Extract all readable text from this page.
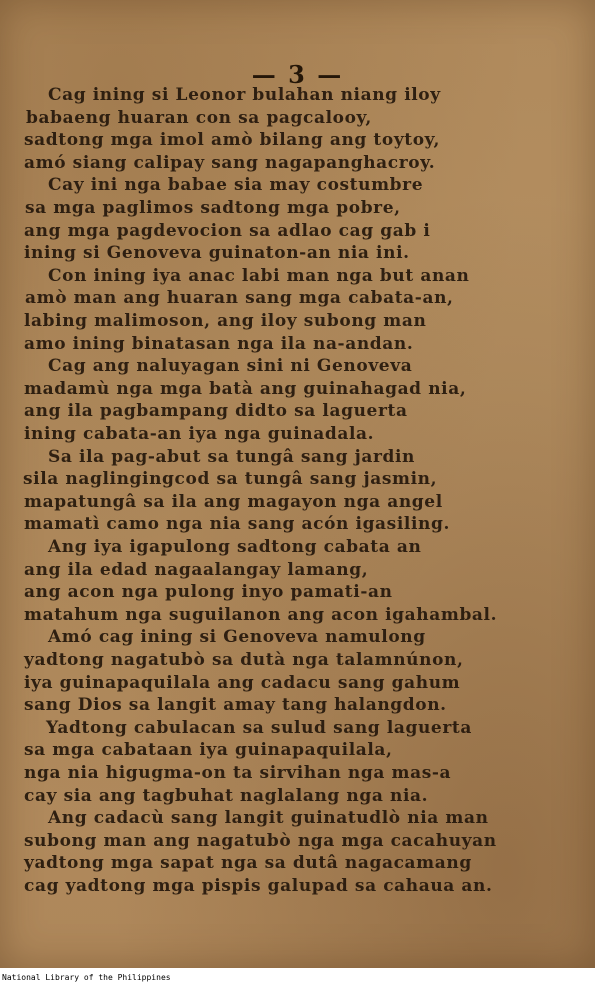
— 3 —
Cag ining si Leonor bulahan niang iloy
babaeng huaran con sa pagcalooy,
sadtong mga imol amò bilang ang toytoy,
amó siang calipay sang nagapanghacroy.
Cay ini nga babae sia may costumbre
sa mga paglimos sadtong mga pobre,
ang mga pagdevocion sa adlao cag gab i
ining si Genoveva guinaton-an nia ini.
Con ining iya anac labi man nga but anan
amò man ang huaran sang mga cabata-an,
labing malimoson, ang iloy subong man
amo ining binatasan nga ila na-andan.
Cag ang naluyagan sini ni Genoveva
madamù nga mga batà ang guinahagad nia,
ang ila pagbampang didto sa laguerta
ining cabata-an iya nga guinadala.
Sa ila pag-abut sa tungâ sang jardin
sila naglingingcod sa tungâ sang jasmin,
mapatungâ sa ila ang magayon nga angel
mamatì camo nga nia sang acón igasiling.
Ang iya igapulong sadtong cabata an
ang ila edad nagaalangay lamang,
ang acon nga pulong inyo pamati-an
matahum nga suguilanon ang acon igahambal.
Amó cag ining si Genoveva namulong
yadtong nagatubò sa dutà nga talamnúnon,
iya guinapaquilala ang cadacu sang gahum
sang Dios sa langit amay tang halangdon.
Yadtong cabulacan sa sulud sang laguerta
sa mga cabataan iya guinapaquilala,
nga nia higugma-on ta sirvihan nga mas-a
cay sia ang tagbuhat naglalang nga nia.
Ang cadacù sang langit guinatudlò nia man
subong man ang nagatubò nga mga cacahuyan
yadtong mga sapat nga sa dutâ nagacamang
cag yadtong mga pispis galupad sa cahaua an.
National Library of the Philippines
